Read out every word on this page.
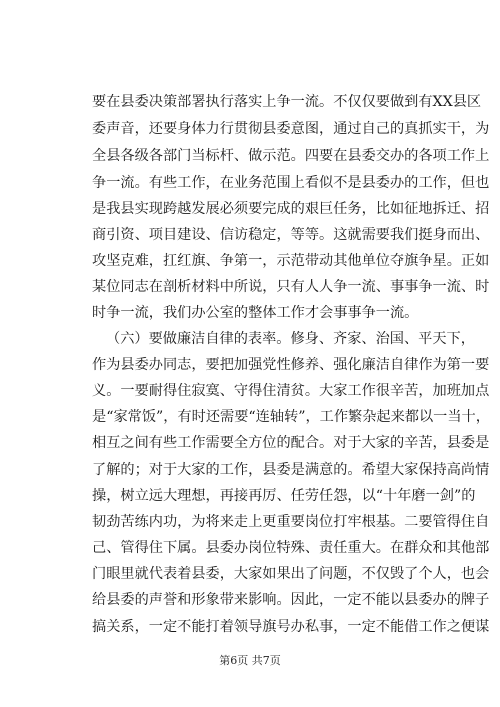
要在县委决策部署执行落实上争一流。不仅仅要做到有XX县区
委声音，还要身体力行贯彻县委意图，通过自己的真抓实干，为
全县各级各部门当标杆、做示范。四要在县委交办的各项工作上
争一流。有些工作，在业务范围上看似不是县委办的工作，但也
是我县实现跨越发展必须要完成的艰巨任务，比如征地拆迁、招
商引资、项目建设、信访稳定，等等。这就需要我们挺身而出、
攻坚克难，扛红旗、争第一，示范带动其他单位夺旗争星。正如
某位同志在剖析材料中所说，只有人人争一流、事事争一流、时
时争一流，我们办公室的整体工作才会事事争一流。
（六）要做廉洁自律的表率。修身、齐家、治国、平天下，
作为县委办同志，要把加强党性修养、强化廉洁自律作为第一要
义。一要耐得住寂寞、守得住清贫。大家工作很辛苦，加班加点
是“家常饭”，有时还需要“连轴转”，工作繁杂起来都以一当十，
相互之间有些工作需要全方位的配合。对于大家的辛苦，县委是
了解的；对于大家的工作，县委是满意的。希望大家保持高尚情
操，树立远大理想，再接再厉、任劳任怨，以“十年磨一剑”的
韧劲苦练内功，为将来走上更重要岗位打牢根基。二要管得住自
己、管得住下属。县委办岗位特殊、责任重大。在群众和其他部
门眼里就代表着县委，大家如果出了问题，不仅毁了个人，也会
给县委的声誉和形象带来影响。因此，一定不能以县委办的牌子
搞关系，一定不能打着领导旗号办私事，一定不能借工作之便谋
第6页 共7页
